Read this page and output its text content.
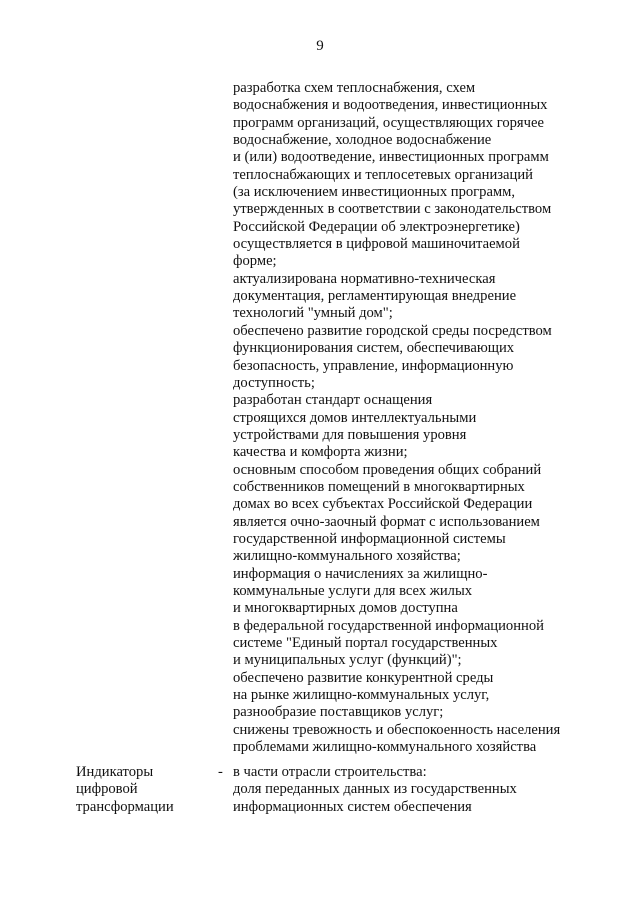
9
разработка схем теплоснабжения, схем
водоснабжения и водоотведения, инвестиционных
программ организаций, осуществляющих горячее
водоснабжение, холодное водоснабжение
и (или) водоотведение, инвестиционных программ
теплоснабжающих и теплосетевых организаций
(за исключением инвестиционных программ,
утвержденных в соответствии с законодательством
Российской Федерации об электроэнергетике)
осуществляется в цифровой машиночитаемой
форме;
актуализирована нормативно-техническая
документация, регламентирующая внедрение
технологий "умный дом";
обеспечено развитие городской среды посредством
функционирования систем, обеспечивающих
безопасность, управление, информационную
доступность;
разработан стандарт оснащения
строящихся домов интеллектуальными
устройствами для повышения уровня
качества и комфорта жизни;
основным способом проведения общих собраний
собственников помещений в многоквартирных
домах во всех субъектах Российской Федерации
является очно-заочный формат с использованием
государственной информационной системы
жилищно-коммунального хозяйства;
информация о начислениях за жилищно-
коммунальные услуги для всех жилых
и многоквартирных домов доступна
в федеральной государственной информационной
системе "Единый портал государственных
и муниципальных услуг (функций)";
обеспечено развитие конкурентной среды
на рынке жилищно-коммунальных услуг,
разнообразие поставщиков услуг;
снижены тревожность и обеспокоенность населения
проблемами жилищно-коммунального хозяйства
Индикаторы
цифровой
трансформации
- в части отрасли строительства:
доля переданных данных из государственных
информационных систем обеспечения
